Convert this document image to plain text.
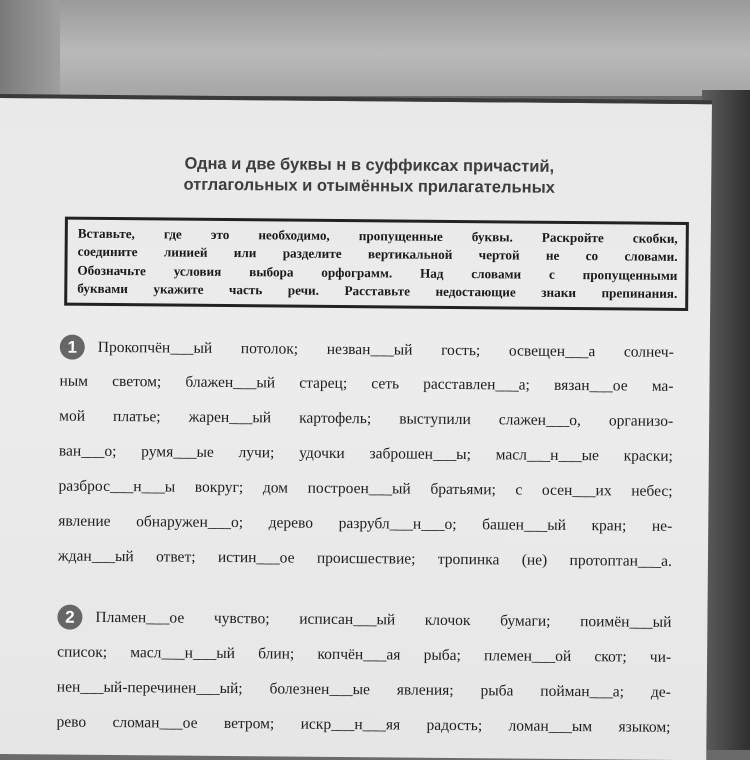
Одна и две буквы н в суффиксах причастий,
отглагольных и отымённых прилагательных
Вставьте, где это необходимо, пропущенные буквы. Раскройте скобки,
соедините линией или разделите вертикальной чертой не со словами.
Обозначьте условия выбора орфограмм. Над словами с пропущенными
буквами укажите часть речи. Расставьте недостающие знаки препинания.
1	Прокопчён___ый потолок; незван___ый гость; освещен___а солнеч-
ным светом; блажен___ый старец; сеть расставлен___а; вязан___ое ма-
мой платье; жарен___ый картофель; выступили слажен___о, организо-
ван___о; румя___ые лучи; удочки заброшен___ы; масл___н___ые краски;
разброс___н___ы вокруг; дом построен___ый братьями; с осен___их небес;
явление обнаружен___о; дерево разрубл___н___о; башен___ый кран; не-
ждан___ый ответ; истин___ое происшествие; тропинка (не) протоптан___а.
2	Пламен___ое чувство; исписан___ый клочок бумаги; поимён___ый
список; масл___н___ый блин; копчён___ая рыба; племен___ой скот; чи-
нен___ый-перечинен___ый; болезнен___ые явления; рыба пойман___а; де-
рево сломан___ое ветром; искр___н___яя радость; ломан___ым языком;
